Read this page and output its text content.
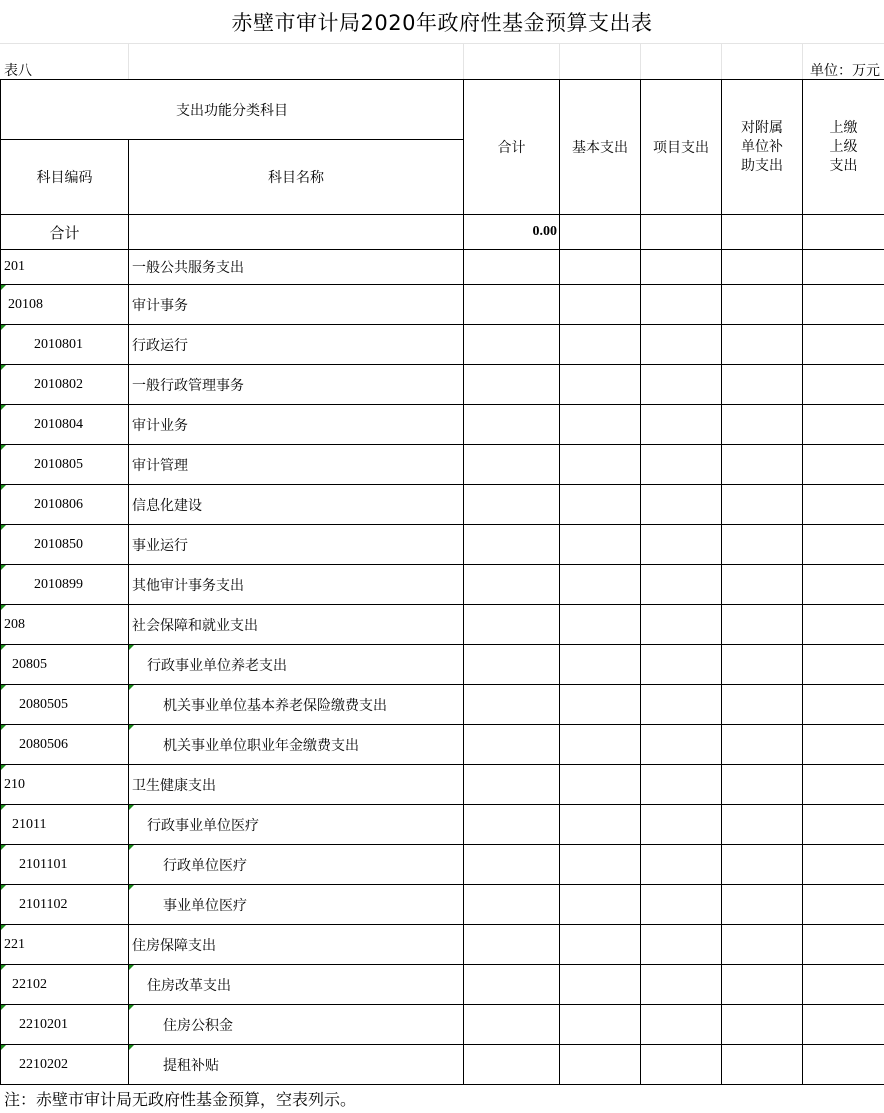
赤壁市审计局2020年政府性基金预算支出表
表八	单位：万元
支出功能分类科目		合计	基本支出	项目支出	对附属单位补助支出	上缴上级支出

科目编码	科目名称					
合计		0.00				
201	一般公共服务支出					
20108	审计事务					
2010801	行政运行					
2010802	一般行政管理事务					
2010804	审计业务					
2010805	审计管理					
2010806	信息化建设					
2010850	事业运行					
2010899	其他审计事务支出					
208	社会保障和就业支出					
20805	行政事业单位养老支出					
2080505	机关事业单位基本养老保险缴费支出					
2080506	机关事业单位职业年金缴费支出					
210	卫生健康支出					
21011	行政事业单位医疗					
2101101	行政单位医疗					
2101102	事业单位医疗					
221	住房保障支出					
22102	住房改革支出					
2210201	住房公积金					
2210202	提租补贴					
注：赤壁市审计局无政府性基金预算，空表列示。
